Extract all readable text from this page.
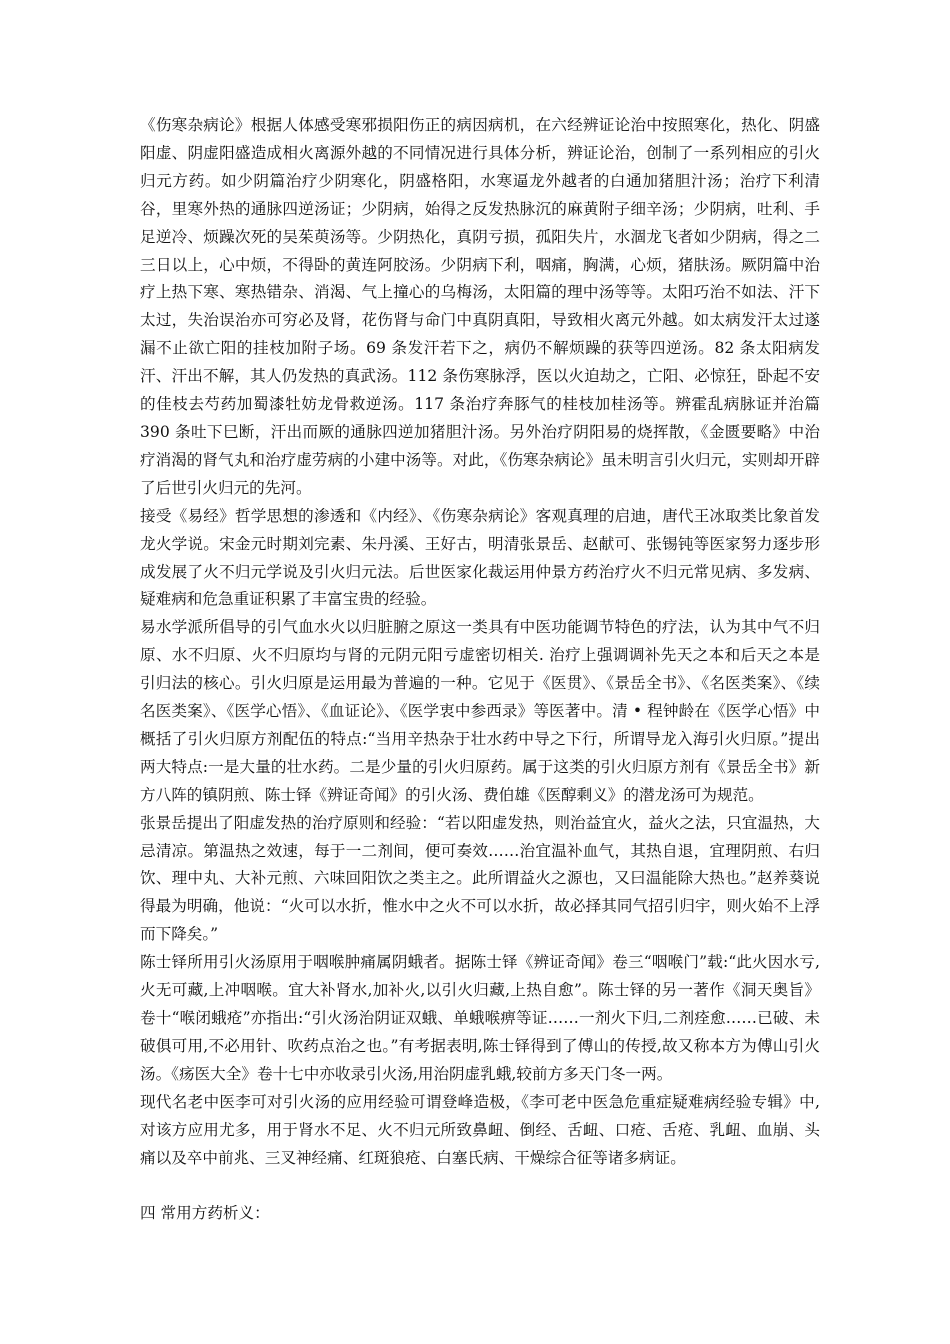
《伤寒杂病论》根据人体感受寒邪损阳伤正的病因病机，在六经辨证论治中按照寒化，热化、阴盛阳虚、阴虚阳盛造成相火离源外越的不同情况进行具体分析，辨证论治，创制了一系列相应的引火归元方药。如少阴篇治疗少阴寒化，阴盛格阳，水寒逼龙外越者的白通加猪胆汁汤；治疗下利清谷，里寒外热的通脉四逆汤证；少阴病，始得之反发热脉沉的麻黄附子细辛汤；少阴病，吐利、手足逆冷、烦躁次死的吴茱萸汤等。少阴热化，真阴亏损，孤阳失片，水涸龙飞者如少阴病，得之二三日以上，心中烦，不得卧的黄连阿胶汤。少阴病下利，咽痛，胸满，心烦，猪肤汤。厥阴篇中治疗上热下寒、寒热错杂、消渴、气上撞心的乌梅汤，太阳篇的理中汤等等。太阳巧治不如法、汗下太过，失治误治亦可穷必及肾，花伤肾与命门中真阴真阳，导致相火离元外越。如太病发汗太过遂漏不止欲亡阳的挂枝加附子场。69 条发汗若下之，病仍不解烦躁的获等四逆汤。82 条太阳病发汗、汗出不解，其人仍发热的真武汤。112 条伤寒脉浮，医以火迫劫之，亡阳、必惊狂，卧起不安的佳枝去芍药加蜀漆牡妨龙骨救逆汤。117 条治疗奔豚气的桂枝加桂汤等。辨霍乱病脉证并治篇 390 条吐下巳断，汗出而厥的通脉四逆加猪胆汁汤。另外治疗阴阳易的烧挥散，《金匮要略》中治疗消渴的肾气丸和治疗虚劳病的小建中汤等。对此，《伤寒杂病论》虽未明言引火归元，实则却开辟了后世引火归元的先河。

接受《易经》哲学思想的渗透和《内经》、《伤寒杂病论》客观真理的启迪，唐代王冰取类比象首发龙火学说。宋金元时期刘完素、朱丹溪、王好古，明清张景岳、赵献可、张锡钝等医家努力逐步形成发展了火不归元学说及引火归元法。后世医家化裁运用仲景方药治疗火不归元常见病、多发病、疑难病和危急重证积累了丰富宝贵的经验。

易水学派所倡导的引气血水火以归脏腑之原这一类具有中医功能调节特色的疗法，认为其中气不归原、水不归原、火不归原均与肾的元阴元阳亏虚密切相关. 治疗上强调调补先天之本和后天之本是引归法的核心。引火归原是运用最为普遍的一种。它见于《医贯》、《景岳全书》、《名医类案》、《续名医类案》、《医学心悟》、《血证论》、《医学衷中参西录》等医著中。清 • 程钟龄在《医学心悟》中概括了引火归原方剂配伍的特点:“当用辛热杂于壮水药中导之下行，所谓导龙入海引火归原。”提出两大特点:一是大量的壮水药。二是少量的引火归原药。属于这类的引火归原方剂有《景岳全书》新方八阵的镇阴煎、陈士铎《辨证奇闻》的引火汤、费伯雄《医醇剩义》的潜龙汤可为规范。

张景岳提出了阳虚发热的治疗原则和经验：“若以阳虚发热，则治益宜火，益火之法，只宜温热，大忌清凉。第温热之效速，每于一二剂间，便可奏效……治宜温补血气，其热自退，宜理阴煎、右归饮、理中丸、大补元煎、六味回阳饮之类主之。此所谓益火之源也，又曰温能除大热也。”赵养葵说得最为明确，他说：“火可以水折，惟水中之火不可以水折，故必择其同气招引归宇，则火始不上浮而下降矣。”

陈士铎所用引火汤原用于咽喉肿痛属阴蛾者。据陈士铎《辨证奇闻》卷三“咽喉门”载:“此火因水亏,火无可藏,上冲咽喉。宜大补肾水,加补火,以引火归藏,上热自愈”。陈士铎的另一著作《洞天奥旨》卷十“喉闭蛾疮”亦指出:“引火汤治阴证双蛾、单蛾喉痹等证……一剂火下归,二剂痊愈……已破、未破俱可用,不必用针、吹药点治之也。”有考据表明,陈士铎得到了傅山的传授,故又称本方为傅山引火汤。《疡医大全》卷十七中亦收录引火汤,用治阴虚乳蛾,较前方多天门冬一两。

现代名老中医李可对引火汤的应用经验可谓登峰造极，《李可老中医急危重症疑难病经验专辑》中,对该方应用尤多，用于肾水不足、火不归元所致鼻衄、倒经、舌衄、口疮、舌疮、乳衄、血崩、头痛以及卒中前兆、三叉神经痛、红斑狼疮、白塞氏病、干燥综合征等诸多病证。

四 常用方药析义：
